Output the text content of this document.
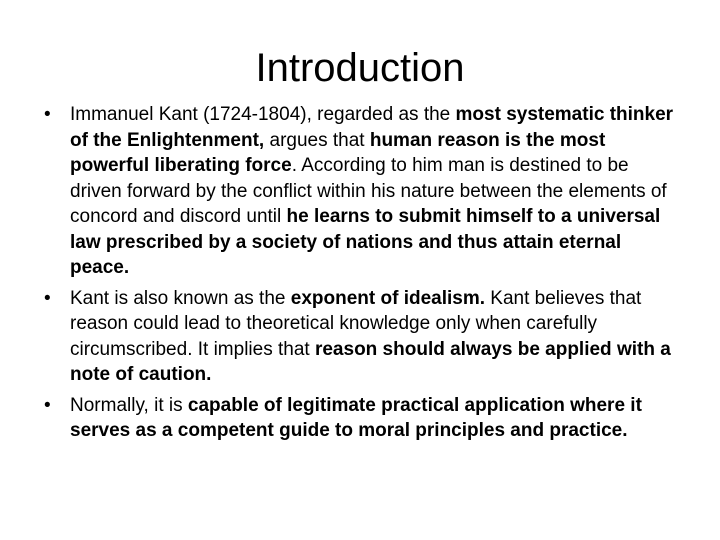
Introduction
•	Immanuel Kant (1724-1804), regarded as the most systematic thinker of the Enlightenment, argues that human reason is the most powerful liberating force. According to him man is destined to be driven forward by the conflict within his nature between the elements of concord and discord until he learns to submit himself to a universal law prescribed by a society of nations and thus attain eternal peace.
•	Kant is also known as the exponent of idealism. Kant believes that reason could lead to theoretical knowledge only when carefully circumscribed. It implies that reason should always be applied with a note of caution.
•	Normally, it is capable of legitimate practical application where it serves as a competent guide to moral principles and practice.
